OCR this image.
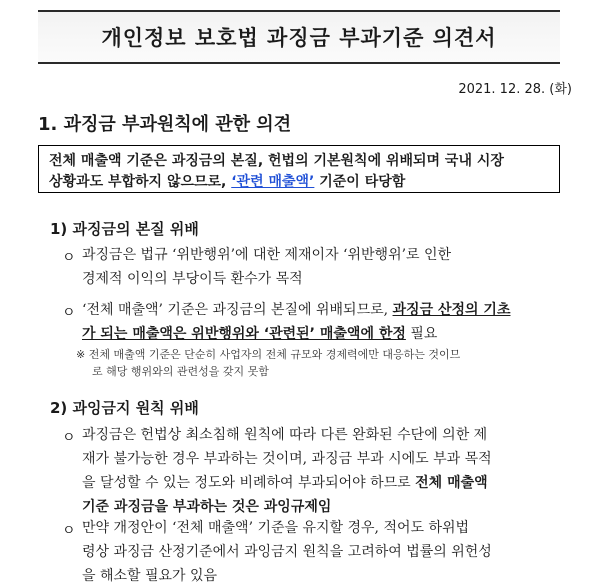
개인정보 보호법 과징금 부과기준 의견서
2021. 12. 28. (화)
1. 과징금 부과원칙에 관한 의견
전체 매출액 기준은 과징금의 본질, 헌법의 기본원칙에 위배되며 국내 시장
상황과도 부합하지 않으므로, ‘관련 매출액’ 기준이 타당함
1) 과징금의 본질 위배
ㅇ 과징금은 법규 ‘위반행위’에 대한 제재이자 ‘위반행위’로 인한
경제적 이익의 부당이득 환수가 목적
ㅇ ‘전체 매출액’ 기준은 과징금의 본질에 위배되므로, 과징금 산정의 기초
가 되는 매출액은 위반행위와 ‘관련된’ 매출액에 한정 필요
※ 전체 매출액 기준은 단순히 사업자의 전체 규모와 경제력에만 대응하는 것이므
로 해당 행위와의 관련성을 갖지 못함
2) 과잉금지 원칙 위배
ㅇ 과징금은 헌법상 최소침해 원칙에 따라 다른 완화된 수단에 의한 제
재가 불가능한 경우 부과하는 것이며, 과징금 부과 시에도 부과 목적
을 달성할 수 있는 정도와 비례하여 부과되어야 하므로 전체 매출액
기준 과징금을 부과하는 것은 과잉규제임
ㅇ 만약 개정안이 ‘전체 매출액’ 기준을 유지할 경우, 적어도 하위법
령상 과징금 산정기준에서 과잉금지 원칙을 고려하여 법률의 위헌성
을 해소할 필요가 있음
